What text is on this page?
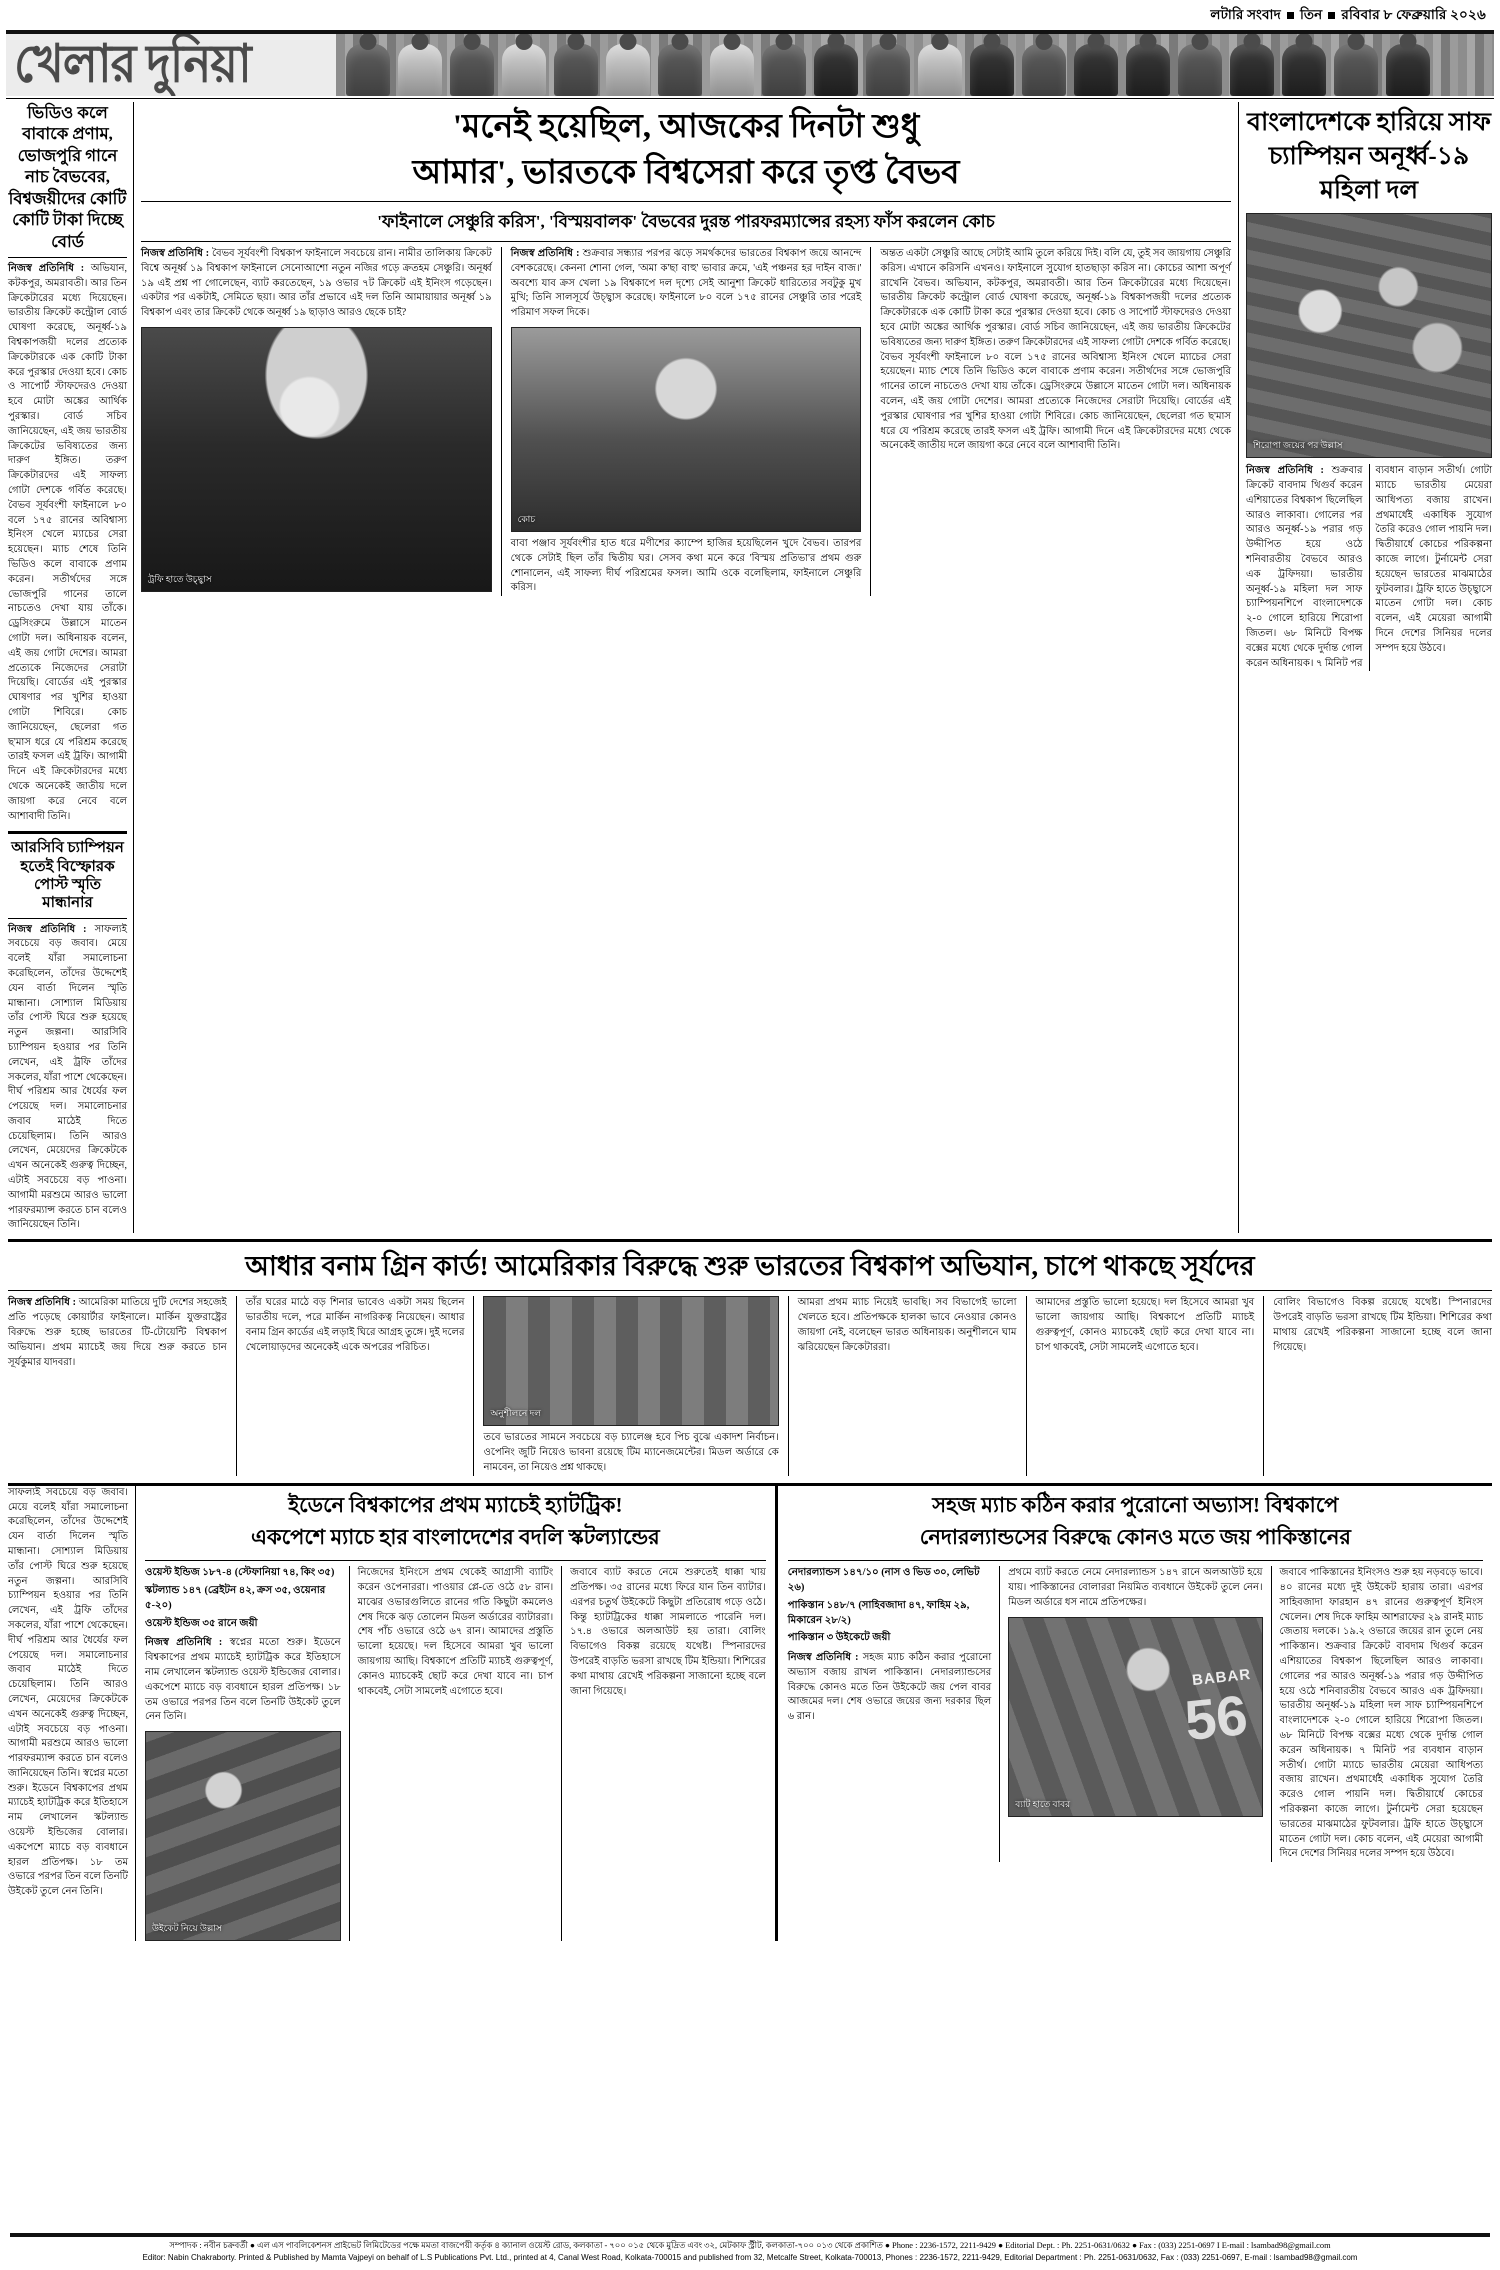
লটারি সংবাদ তিন রবিবার ৮ ফেব্রুয়ারি ২০২৬
খেলার দুনিয়া
ভিডিও কলে বাবাকে প্রণাম, ভোজপুরি গানে নাচ বৈভবের, বিশ্বজয়ীদের কোটি কোটি টাকা দিচ্ছে বোর্ড
নিজস্ব প্রতিনিধি : অভিযান, কটকপুর, অমরাবতী। আর তিন ক্রিকেটারের মধ্যে দিয়েছেন। ভারতীয় ক্রিকেট কন্ট্রোল বোর্ড ঘোষণা করেছে, অনূর্ধ্ব-১৯ বিশ্বকাপজয়ী দলের প্রত্যেক ক্রিকেটারকে এক কোটি টাকা করে পুরস্কার দেওয়া হবে। কোচ ও সাপোর্ট স্টাফদেরও দেওয়া হবে মোটা অঙ্কের আর্থিক পুরস্কার। বোর্ড সচিব জানিয়েছেন, এই জয় ভারতীয় ক্রিকেটের ভবিষ্যতের জন্য দারুণ ইঙ্গিত। তরুণ ক্রিকেটারদের এই সাফল্য গোটা দেশকে গর্বিত করেছে। বৈভব সূর্যবংশী ফাইনালে ৮০ বলে ১৭৫ রানের অবিশ্বাস্য ইনিংস খেলে ম্যাচের সেরা হয়েছেন। ম্যাচ শেষে তিনি ভিডিও কলে বাবাকে প্রণাম করেন। সতীর্থদের সঙ্গে ভোজপুরি গানের তালে নাচতেও দেখা যায় তাঁকে। ড্রেসিংরুমে উল্লাসে মাতেন গোটা দল। অধিনায়ক বলেন, এই জয় গোটা দেশের। আমরা প্রত্যেকে নিজেদের সেরাটা দিয়েছি। বোর্ডের এই পুরস্কার ঘোষণার পর খুশির হাওয়া গোটা শিবিরে। কোচ জানিয়েছেন, ছেলেরা গত ছ'মাস ধরে যে পরিশ্রম করেছে তারই ফসল এই ট্রফি। আগামী দিনে এই ক্রিকেটারদের মধ্যে থেকে অনেকেই জাতীয় দলে জায়গা করে নেবে বলে আশাবাদী তিনি।
আরসিবি চ্যাম্পিয়ন হতেই বিস্ফোরক পোস্ট স্মৃতি মান্ধানার
নিজস্ব প্রতিনিধি : সাফল্যই সবচেয়ে বড় জবাব। মেয়ে বলেই যাঁরা সমালোচনা করেছিলেন, তাঁদের উদ্দেশেই যেন বার্তা দিলেন স্মৃতি মান্ধানা। সোশ্যাল মিডিয়ায় তাঁর পোস্ট ঘিরে শুরু হয়েছে নতুন জল্পনা। আরসিবি চ্যাম্পিয়ন হওয়ার পর তিনি লেখেন, এই ট্রফি তাঁদের সকলের, যাঁরা পাশে থেকেছেন। দীর্ঘ পরিশ্রম আর ধৈর্যের ফল পেয়েছে দল। সমালোচনার জবাব মাঠেই দিতে চেয়েছিলাম। তিনি আরও লেখেন, মেয়েদের ক্রিকেটকে এখন অনেকেই গুরুত্ব দিচ্ছেন, এটাই সবচেয়ে বড় পাওনা। আগামী মরশুমে আরও ভালো পারফরম্যান্স করতে চান বলেও জানিয়েছেন তিনি।
'মনেই হয়েছিল, আজকের দিনটা শুধু
আমার', ভারতকে বিশ্বসেরা করে তৃপ্ত বৈভব
'ফাইনালে সেঞ্চুরি করিস', 'বিস্ময়বালক' বৈভবের দুরন্ত পারফরম্যান্সের রহস্য ফাঁস করলেন কোচ
নিজস্ব প্রতিনিধি : বৈভব সূর্যবংশী বিশ্বকাপ ফাইনালে সবচেয়ে রান। নামীর তালিকায় ক্রিকেট বিশ্বে অনূর্ধ্ব ১৯ বিশ্বকাপ ফাইনালে সেনোআশো নতুন নজির গড়ে ক্রতহম সেঞ্চুরি। অনূর্ধ্ব ১৯ এই প্রশ্ন পা গোলেছেন, ব্যাট করতেছেন, ১৯ ওভার ৭ট ক্রিকেট এই ইনিংস গড়েছেন। একটার পর একটাই, সেমিতে ছয়া। আর তাঁর প্রভাবে এই দল তিনি আমায়ায়ার অনূর্ধ্ব ১৯ বিশ্বকাপ এবং তার ক্রিকেট থেকে অনূর্ধ্ব ১৯ ছাড়াও আরও ছেকে চাই?
ট্রফি হাতে উচ্ছ্বাস
নিজস্ব প্রতিনিধি : শুক্রবার সন্ধ্যার পরপর ঝড়ে সমর্থকদের ভারতের বিশ্বকাপ জয়ে আনন্দে বেশকরেছে। কেননা শোনা গেল, 'অমা ক'ছা বাহু' ভাবার ক্রমে, 'এই পঞ্চনর হর দাইন বাজ।' অবশ্যে যাব ক্রস খেলা ১৯ বিশ্বকাপে দল দৃশ্যে সেই আনুশা ক্রিকেট ধারিত্যের সবটুকু মুখ মুখি; তিনি সালসূর্যে উচ্ছ্বাস করেছে। ফাইনালে ৮০ বলে ১৭৫ রানের সেঞ্চুরি তার পরেই পরিমাণ সফল দিকে।
কোচ
বাবা পঞ্জাব সূর্যবংশীর হাত ধরে মণীশের ক্যাম্পে হাজির হয়েছিলেন খুদে বৈভব। তারপর থেকে সেটাই ছিল তাঁর দ্বিতীয় ঘর। সেসব কথা মনে করে 'বিস্ময় প্রতিভা'র প্রথম গুরু শোনালেন, এই সাফল্য দীর্ঘ পরিশ্রমের ফসল। আমি ওকে বলেছিলাম, ফাইনালে সেঞ্চুরি করিস।
অন্তত একটা সেঞ্চুরি আছে সেটাই আমি তুলে করিয়ে দিই। বলি যে, তুই সব জায়গায় সেঞ্চুরি করিস। এখানে করিসনি এখনও। ফাইনালে সুযোগ হাতছাড়া করিস না। কোচের আশা অপূর্ণ রাখেনি বৈভব। অভিযান, কটকপুর, অমরাবতী। আর তিন ক্রিকেটারের মধ্যে দিয়েছেন। ভারতীয় ক্রিকেট কন্ট্রোল বোর্ড ঘোষণা করেছে, অনূর্ধ্ব-১৯ বিশ্বকাপজয়ী দলের প্রত্যেক ক্রিকেটারকে এক কোটি টাকা করে পুরস্কার দেওয়া হবে। কোচ ও সাপোর্ট স্টাফদেরও দেওয়া হবে মোটা অঙ্কের আর্থিক পুরস্কার। বোর্ড সচিব জানিয়েছেন, এই জয় ভারতীয় ক্রিকেটের ভবিষ্যতের জন্য দারুণ ইঙ্গিত। তরুণ ক্রিকেটারদের এই সাফল্য গোটা দেশকে গর্বিত করেছে। বৈভব সূর্যবংশী ফাইনালে ৮০ বলে ১৭৫ রানের অবিশ্বাস্য ইনিংস খেলে ম্যাচের সেরা হয়েছেন। ম্যাচ শেষে তিনি ভিডিও কলে বাবাকে প্রণাম করেন। সতীর্থদের সঙ্গে ভোজপুরি গানের তালে নাচতেও দেখা যায় তাঁকে। ড্রেসিংরুমে উল্লাসে মাতেন গোটা দল। অধিনায়ক বলেন, এই জয় গোটা দেশের। আমরা প্রত্যেকে নিজেদের সেরাটা দিয়েছি। বোর্ডের এই পুরস্কার ঘোষণার পর খুশির হাওয়া গোটা শিবিরে। কোচ জানিয়েছেন, ছেলেরা গত ছ'মাস ধরে যে পরিশ্রম করেছে তারই ফসল এই ট্রফি। আগামী দিনে এই ক্রিকেটারদের মধ্যে থেকে অনেকেই জাতীয় দলে জায়গা করে নেবে বলে আশাবাদী তিনি।
বাংলাদেশকে হারিয়ে সাফ চ্যাম্পিয়ন অনূর্ধ্ব-১৯ মহিলা দল
শিরোপা জয়ের পর উল্লাস
নিজস্ব প্রতিনিধি : শুক্রবার ক্রিকেট বাবদাম থিগুর্ব করেন এশিয়াতের বিশ্বকাপ ছিলেছিল আরও লাকাবা। গোলের পর আরও অনূর্ধ্ব-১৯ পরার গড় উদ্দীপিত হয়ে ওঠে শনিবারতীয় বৈভবে আরও এক ট্রফিদয়া। ভারতীয় অনূর্ধ্ব-১৯ মহিলা দল সাফ চ্যাম্পিয়নশিপে বাংলাদেশকে ২-০ গোলে হারিয়ে শিরোপা জিতল। ৬৮ মিনিটে বিপক্ষ বক্সের মধ্যে থেকে দুর্দান্ত গোল করেন অধিনায়ক। ৭ মিনিট পর ব্যবধান বাড়ান সতীর্থ। গোটা ম্যাচে ভারতীয় মেয়েরা আধিপত্য বজায় রাখেন। প্রথমার্ধেই একাধিক সুযোগ তৈরি করেও গোল পায়নি দল। দ্বিতীয়ার্ধে কোচের পরিকল্পনা কাজে লাগে। টুর্নামেন্ট সেরা হয়েছেন ভারতের মাঝমাঠের ফুটবলার। ট্রফি হাতে উচ্ছ্বাসে মাতেন গোটা দল। কোচ বলেন, এই মেয়েরা আগামী দিনে দেশের সিনিয়র দলের সম্পদ হয়ে উঠবে।
আধার বনাম গ্রিন কার্ড! আমেরিকার বিরুদ্ধে শুরু ভারতের বিশ্বকাপ অভিযান, চাপে থাকছে সূর্যদের
নিজস্ব প্রতিনিধি : আমেরিকা মাতিয়ে দুটি দেশের সহজেই প্রতি পড়েছে কোয়ার্টার ফাইনালে। মার্কিন যুক্তরাষ্ট্রের বিরুদ্ধে শুরু হচ্ছে ভারতের টি-টোয়েন্টি বিশ্বকাপ অভিযান। প্রথম ম্যাচেই জয় দিয়ে শুরু করতে চান সূর্যকুমার যাদবরা।
তাঁর ঘরের মাঠে বড় শিনার ভাবেও একটা সময় ছিলেন ভারতীয় দলে, পরে মার্কিন নাগরিকত্ব নিয়েছেন। আধার বনাম গ্রিন কার্ডের এই লড়াই ঘিরে আগ্রহ তুঙ্গে। দুই দলের খেলোয়াড়দের অনেকেই একে অপরের পরিচিত।
অনুশীলনে দল
তবে ভারতের সামনে সবচেয়ে বড় চ্যালেঞ্জ হবে পিচ বুঝে একাদশ নির্বাচন। ওপেনিং জুটি নিয়েও ভাবনা রয়েছে টিম ম্যানেজমেন্টের। মিডল অর্ডারে কে নামবেন, তা নিয়েও প্রশ্ন থাকছে।
আমরা প্রথম ম্যাচ নিয়েই ভাবছি। সব বিভাগেই ভালো খেলতে হবে। প্রতিপক্ষকে হালকা ভাবে নেওয়ার কোনও জায়গা নেই, বলেছেন ভারত অধিনায়ক। অনুশীলনে ঘাম ঝরিয়েছেন ক্রিকেটাররা।
আমাদের প্রস্তুতি ভালো হয়েছে। দল হিসেবে আমরা খুব ভালো জায়গায় আছি। বিশ্বকাপে প্রতিটি ম্যাচই গুরুত্বপূর্ণ, কোনও ম্যাচকেই ছোট করে দেখা যাবে না। চাপ থাকবেই, সেটা সামলেই এগোতে হবে।
বোলিং বিভাগেও বিকল্প রয়েছে যথেষ্ট। স্পিনারদের উপরেই বাড়তি ভরসা রাখছে টিম ইন্ডিয়া। শিশিরের কথা মাথায় রেখেই পরিকল্পনা সাজানো হচ্ছে বলে জানা গিয়েছে।
সাফল্যই সবচেয়ে বড় জবাব। মেয়ে বলেই যাঁরা সমালোচনা করেছিলেন, তাঁদের উদ্দেশেই যেন বার্তা দিলেন স্মৃতি মান্ধানা। সোশ্যাল মিডিয়ায় তাঁর পোস্ট ঘিরে শুরু হয়েছে নতুন জল্পনা। আরসিবি চ্যাম্পিয়ন হওয়ার পর তিনি লেখেন, এই ট্রফি তাঁদের সকলের, যাঁরা পাশে থেকেছেন। দীর্ঘ পরিশ্রম আর ধৈর্যের ফল পেয়েছে দল। সমালোচনার জবাব মাঠেই দিতে চেয়েছিলাম। তিনি আরও লেখেন, মেয়েদের ক্রিকেটকে এখন অনেকেই গুরুত্ব দিচ্ছেন, এটাই সবচেয়ে বড় পাওনা। আগামী মরশুমে আরও ভালো পারফরম্যান্স করতে চান বলেও জানিয়েছেন তিনি। স্বপ্নের মতো শুরু। ইডেনে বিশ্বকাপের প্রথম ম্যাচেই হ্যাটট্রিক করে ইতিহাসে নাম লেখালেন স্কটল্যান্ড ওয়েস্ট ইন্ডিজের বোলার। একপেশে ম্যাচে বড় ব্যবধানে হারল প্রতিপক্ষ। ১৮ তম ওভারে পরপর তিন বলে তিনটি উইকেট তুলে নেন তিনি।
ইডেনে বিশ্বকাপের প্রথম ম্যাচেই হ্যাটট্রিক!
একপেশে ম্যাচে হার বাংলাদেশের বদলি স্কটল্যান্ডের
ওয়েস্ট ইন্ডিজ ১৮৭-৪ (স্টেফানিয়া ৭৪, কিং ৩৫)
স্কটল্যান্ড ১৪৭ (ব্রেইটন ৪২, ক্রস ৩৫, ওয়েনার ৫-২০)
ওয়েস্ট ইন্ডিজ ৩৫ রানে জয়ী
নিজস্ব প্রতিনিধি : স্বপ্নের মতো শুরু। ইডেনে বিশ্বকাপের প্রথম ম্যাচেই হ্যাটট্রিক করে ইতিহাসে নাম লেখালেন স্কটল্যান্ড ওয়েস্ট ইন্ডিজের বোলার। একপেশে ম্যাচে বড় ব্যবধানে হারল প্রতিপক্ষ। ১৮ তম ওভারে পরপর তিন বলে তিনটি উইকেট তুলে নেন তিনি।
উইকেট নিয়ে উল্লাস
নিজেদের ইনিংসে প্রথম থেকেই আগ্রাসী ব্যাটিং করেন ওপেনাররা। পাওয়ার প্লে-তে ওঠে ৫৮ রান। মাঝের ওভারগুলিতে রানের গতি কিছুটা কমলেও শেষ দিকে ঝড় তোলেন মিডল অর্ডারের ব্যাটাররা। শেষ পাঁচ ওভারে ওঠে ৬৭ রান। আমাদের প্রস্তুতি ভালো হয়েছে। দল হিসেবে আমরা খুব ভালো জায়গায় আছি। বিশ্বকাপে প্রতিটি ম্যাচই গুরুত্বপূর্ণ, কোনও ম্যাচকেই ছোট করে দেখা যাবে না। চাপ থাকবেই, সেটা সামলেই এগোতে হবে।
জবাবে ব্যাট করতে নেমে শুরুতেই ধাক্কা খায় প্রতিপক্ষ। ৩৫ রানের মধ্যে ফিরে যান তিন ব্যাটার। এরপর চতুর্থ উইকেটে কিছুটা প্রতিরোধ গড়ে ওঠে। কিন্তু হ্যাটট্রিকের ধাক্কা সামলাতে পারেনি দল। ১৭.৪ ওভারে অলআউট হয় তারা। বোলিং বিভাগেও বিকল্প রয়েছে যথেষ্ট। স্পিনারদের উপরেই বাড়তি ভরসা রাখছে টিম ইন্ডিয়া। শিশিরের কথা মাথায় রেখেই পরিকল্পনা সাজানো হচ্ছে বলে জানা গিয়েছে।
সহজ ম্যাচ কঠিন করার পুরোনো অভ্যাস! বিশ্বকাপে
নেদারল্যান্ডসের বিরুদ্ধে কোনও মতে জয় পাকিস্তানের
নেদারল্যান্ডস ১৪৭/১০ (নাস ও ভিড ৩০, লেভিট ২৬)
পাকিস্তান ১৪৮/৭ (সাহিবজাদা ৪৭, ফাহিম ২৯, মিকারেন ২৮/২)
পাকিস্তান ৩ উইকেটে জয়ী
নিজস্ব প্রতিনিধি : সহজ ম্যাচ কঠিন করার পুরোনো অভ্যাস বজায় রাখল পাকিস্তান। নেদারল্যান্ডসের বিরুদ্ধে কোনও মতে তিন উইকেটে জয় পেল বাবর আজমের দল। শেষ ওভারে জয়ের জন্য দরকার ছিল ৬ রান।
প্রথমে ব্যাট করতে নেমে নেদারল্যান্ডস ১৪৭ রানে অলআউট হয়ে যায়। পাকিস্তানের বোলাররা নিয়মিত ব্যবধানে উইকেট তুলে নেন। মিডল অর্ডারে ধস নামে প্রতিপক্ষের।
BABAR
56
ব্যাট হাতে বাবর
জবাবে পাকিস্তানের ইনিংসও শুরু হয় নড়বড়ে ভাবে। ৪০ রানের মধ্যে দুই উইকেট হারায় তারা। এরপর সাহিবজাদা ফারহান ৪৭ রানের গুরুত্বপূর্ণ ইনিংস খেলেন। শেষ দিকে ফাহিম আশরাফের ২৯ রানই ম্যাচ জেতায় দলকে। ১৯.২ ওভারে জয়ের রান তুলে নেয় পাকিস্তান। শুক্রবার ক্রিকেট বাবদাম থিগুর্ব করেন এশিয়াতের বিশ্বকাপ ছিলেছিল আরও লাকাবা। গোলের পর আরও অনূর্ধ্ব-১৯ পরার গড় উদ্দীপিত হয়ে ওঠে শনিবারতীয় বৈভবে আরও এক ট্রফিদয়া। ভারতীয় অনূর্ধ্ব-১৯ মহিলা দল সাফ চ্যাম্পিয়নশিপে বাংলাদেশকে ২-০ গোলে হারিয়ে শিরোপা জিতল। ৬৮ মিনিটে বিপক্ষ বক্সের মধ্যে থেকে দুর্দান্ত গোল করেন অধিনায়ক। ৭ মিনিট পর ব্যবধান বাড়ান সতীর্থ। গোটা ম্যাচে ভারতীয় মেয়েরা আধিপত্য বজায় রাখেন। প্রথমার্ধেই একাধিক সুযোগ তৈরি করেও গোল পায়নি দল। দ্বিতীয়ার্ধে কোচের পরিকল্পনা কাজে লাগে। টুর্নামেন্ট সেরা হয়েছেন ভারতের মাঝমাঠের ফুটবলার। ট্রফি হাতে উচ্ছ্বাসে মাতেন গোটা দল। কোচ বলেন, এই মেয়েরা আগামী দিনে দেশের সিনিয়র দলের সম্পদ হয়ে উঠবে।

সম্পাদক : নবীন চক্রবর্তী ● এল এস পাবলিকেশনস প্রাইভেট লিমিটেডের পক্ষে মমতা বাজপেয়ী কর্তৃক ৪ ক্যানাল ওয়েস্ট রোড, কলকাতা - ৭০০ ০১৫ থেকে মুদ্রিত এবং ৩২, মেটকাফ স্ট্রীট, কলকাতা-৭০০ ০১৩ থেকে প্রকাশিত ● Phone : 2236-1572, 2211-9429 ● Editorial Dept. : Ph. 2251-0631/0632 ● Fax : (033) 2251-0697 I E-mail : lsambad98@gmail.com

Editor: Nabin Chakraborty. Printed & Published by Mamta Vajpeyi on behalf of L.S Publications Pvt. Ltd., printed at 4, Canal West Road, Kolkata-700015 and published from 32, Metcalfe Street, Kolkata-700013, Phones : 2236-1572, 2211-9429, Editorial Department : Ph. 2251-0631/0632, Fax : (033) 2251-0697, E-mail : lsambad98@gmail.com
